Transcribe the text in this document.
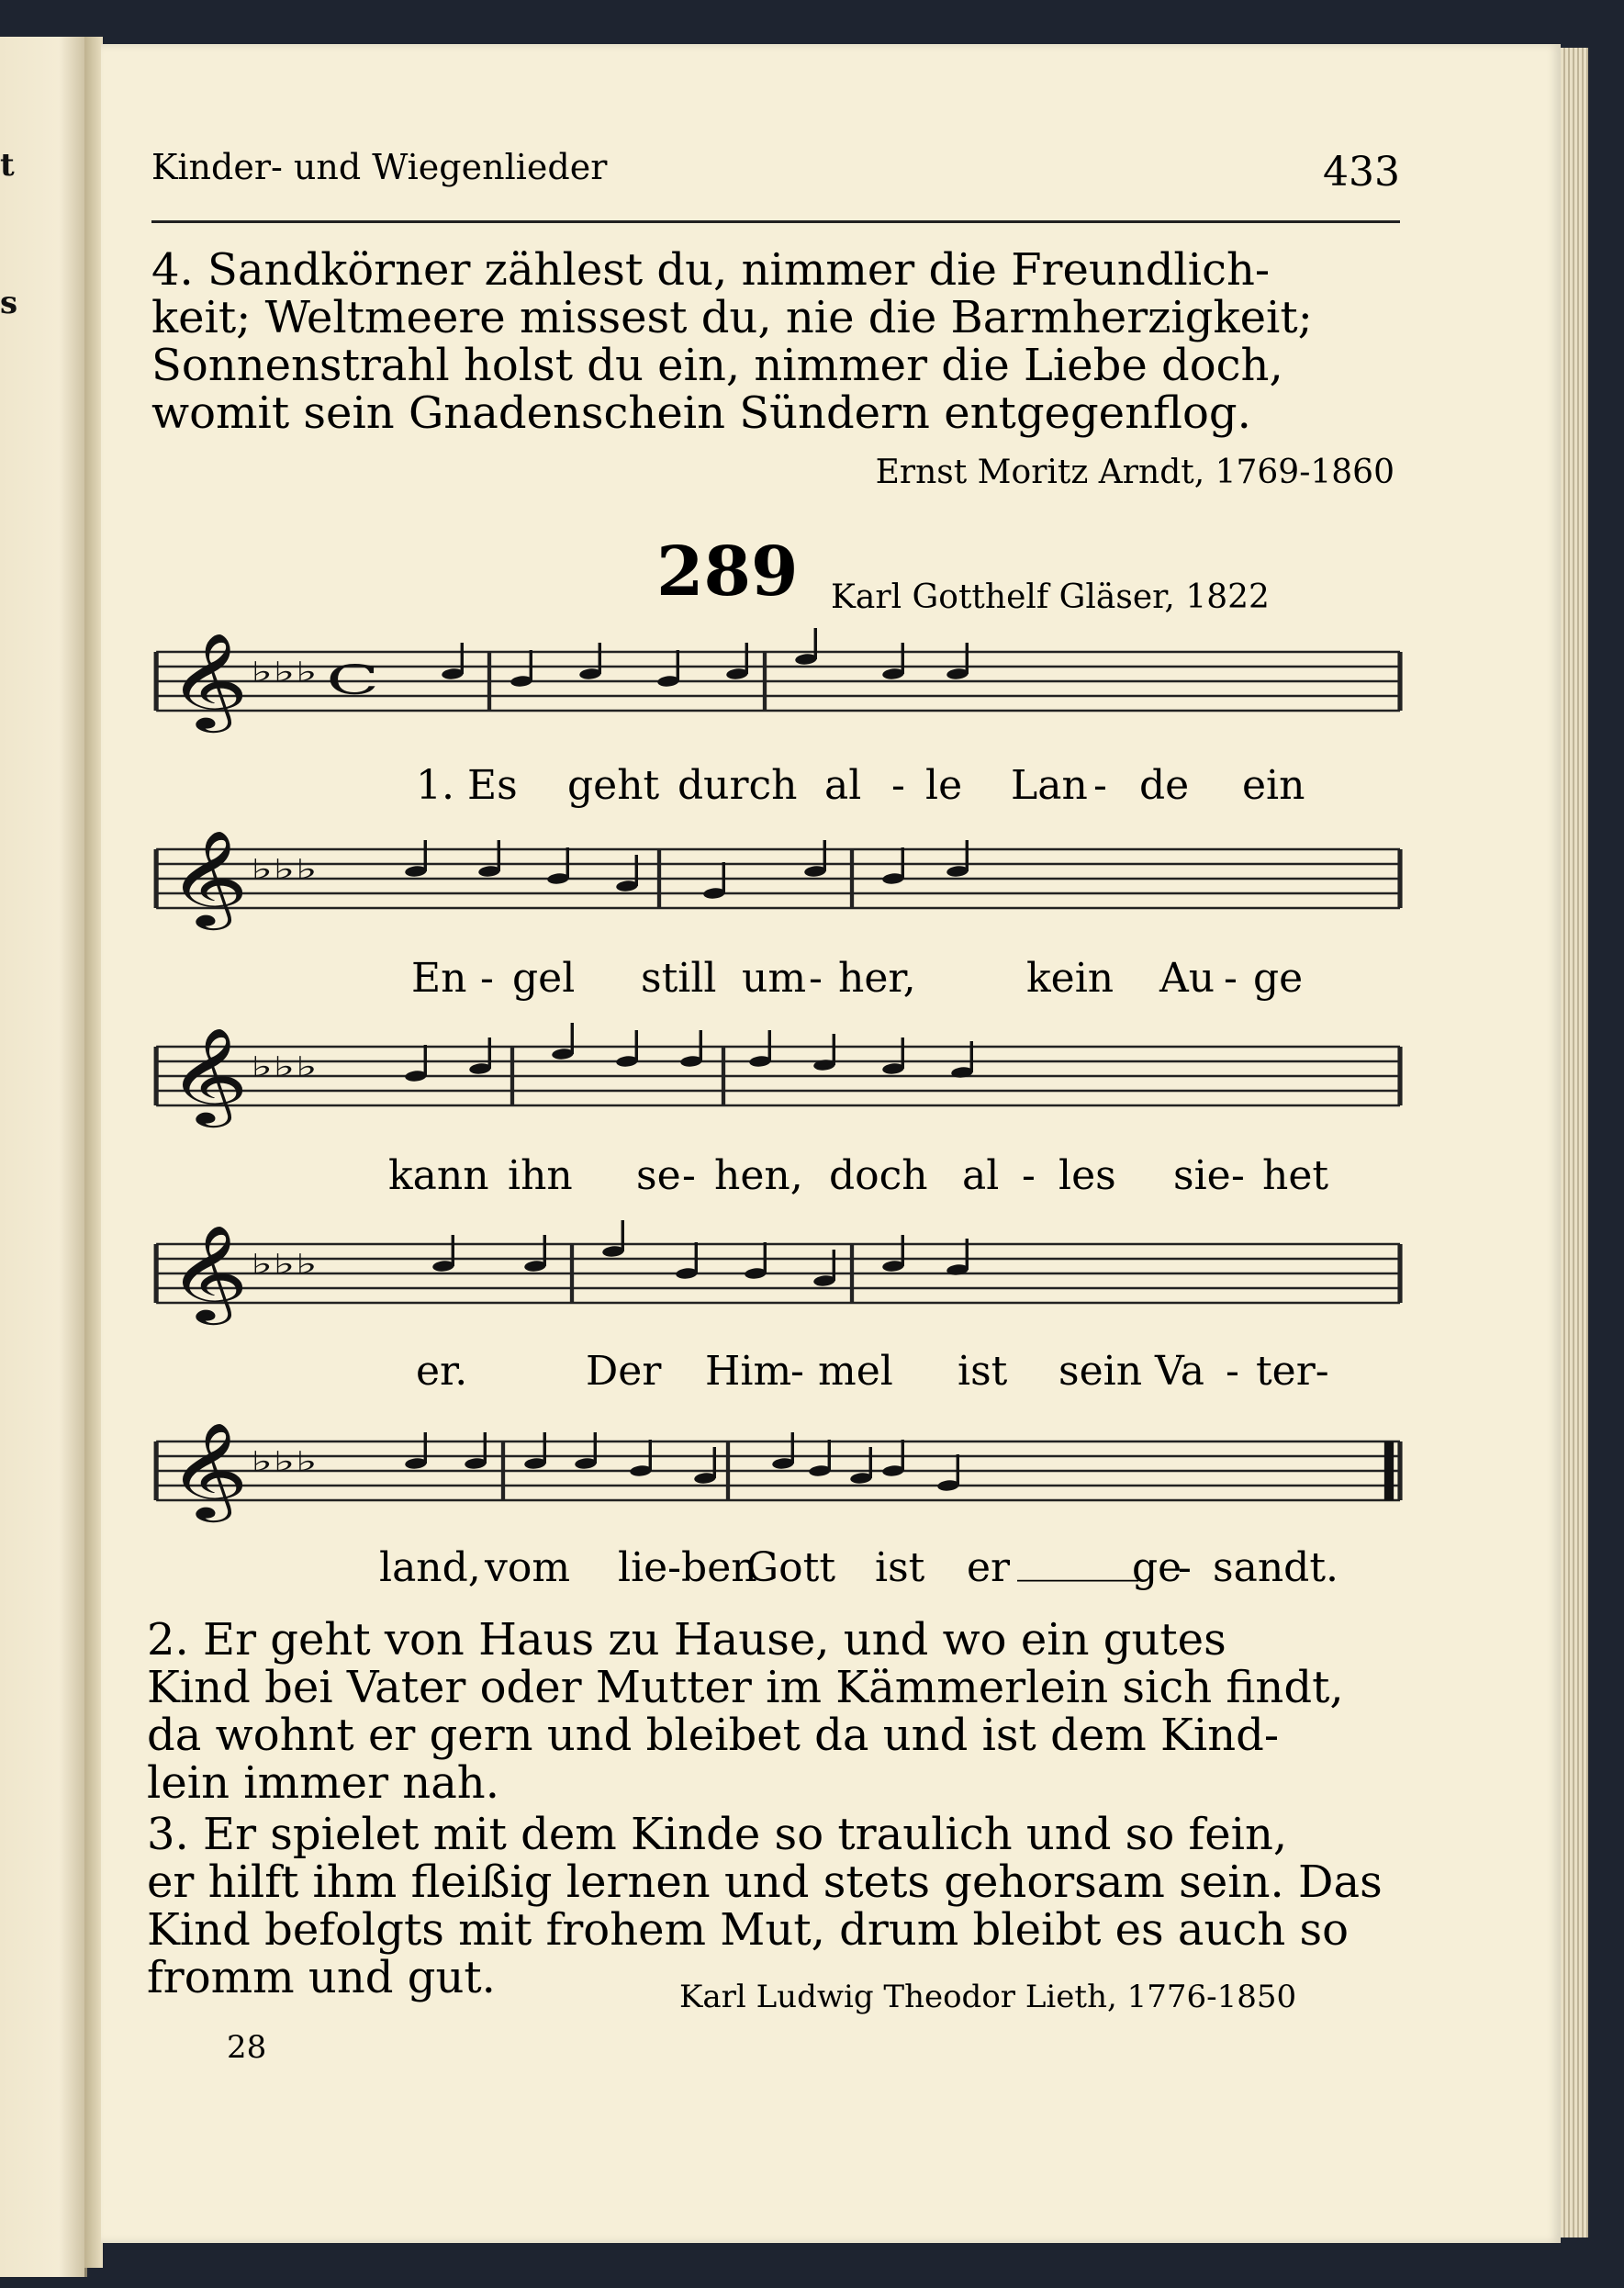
t
s
Kinder- und Wiegenlieder	433
4. Sandkörner zählest du, nimmer die Freundlich-
keit; Weltmeere missest du, nie die Barmherzigkeit;
Sonnenstrahl holst du ein, nimmer die Liebe doch,
womit sein Gnadenschein Sündern entgegenflog.
Ernst Moritz Arndt, 1769-1860
289 Karl Gotthelf Gläser, 1822
𝄞 ♭♭♭ C
𝄞 ♭♭♭
𝄞 ♭♭♭
𝄞 ♭♭♭
𝄞 ♭♭♭
1. Es geht durch al - le Lan - de ein
En - gel still um - her,	kein Au - ge
kann ihn se - hen, doch al - les sie - het
er.	Der Him
- mel ist sein Va - ter-
land, vom lie-ben
Gott ist er ______
ge
- sandt.
2. Er geht von Haus zu Hause, und wo ein gutes
Kind bei Vater oder Mutter im Kämmerlein sich findt,
da wohnt er gern und bleibet da und ist dem Kind-
lein immer nah.
3. Er spielet mit dem Kinde so traulich und so fein,
er hilft ihm fleißig lernen und stets gehorsam sein. Das
Kind befolgts mit frohem Mut, drum bleibt es auch so
fromm und gut.	Karl Ludwig Theodor Lieth, 1776-1850
28
